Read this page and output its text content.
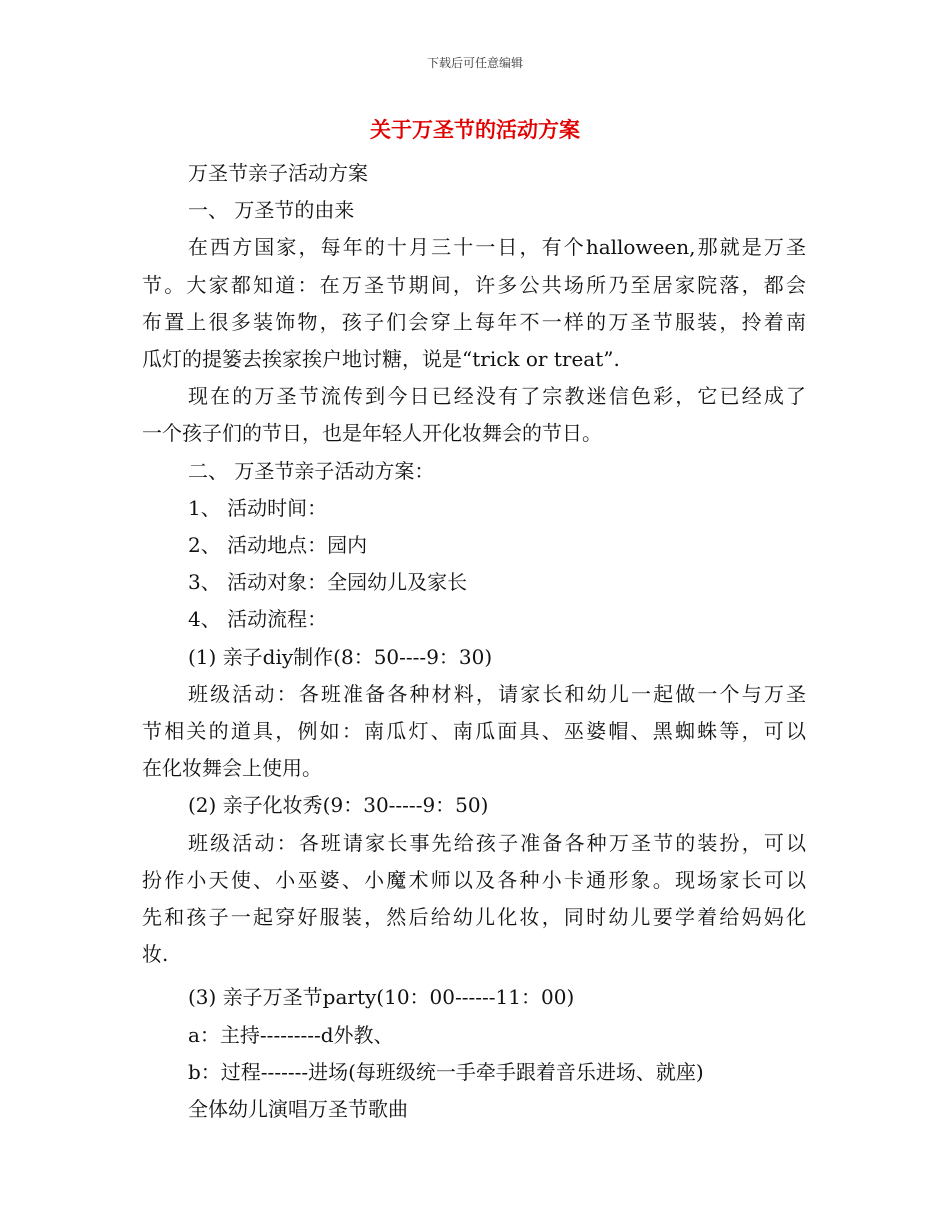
下载后可任意编辑
关于万圣节的活动方案

万圣节亲子活动方案

一、 万圣节的由来

在西方国家，每年的十月三十一日，有个halloween,那就是万圣

节。大家都知道：在万圣节期间，许多公共场所乃至居家院落，都会

布置上很多装饰物，孩子们会穿上每年不一样的万圣节服装，拎着南

瓜灯的提篓去挨家挨户地讨糖，说是“trick or treat”.

现在的万圣节流传到今日已经没有了宗教迷信色彩，它已经成了

一个孩子们的节日，也是年轻人开化妆舞会的节日。

二、 万圣节亲子活动方案：

1、 活动时间：

2、 活动地点：园内

3、 活动对象：全园幼儿及家长

4、 活动流程：

(1) 亲子diy制作(8：50----9：30)

班级活动：各班准备各种材料，请家长和幼儿一起做一个与万圣

节相关的道具，例如：南瓜灯、南瓜面具、巫婆帽、黑蜘蛛等，可以

在化妆舞会上使用。

(2) 亲子化妆秀(9：30-----9：50)

班级活动：各班请家长事先给孩子准备各种万圣节的装扮，可以

扮作小天使、小巫婆、小魔术师以及各种小卡通形象。现场家长可以

先和孩子一起穿好服装，然后给幼儿化妆，同时幼儿要学着给妈妈化

妆.

(3) 亲子万圣节party(10：00------11：00)

a：主持---------d外教、

b：过程-------进场(每班级统一手牵手跟着音乐进场、就座)

全体幼儿演唱万圣节歌曲
